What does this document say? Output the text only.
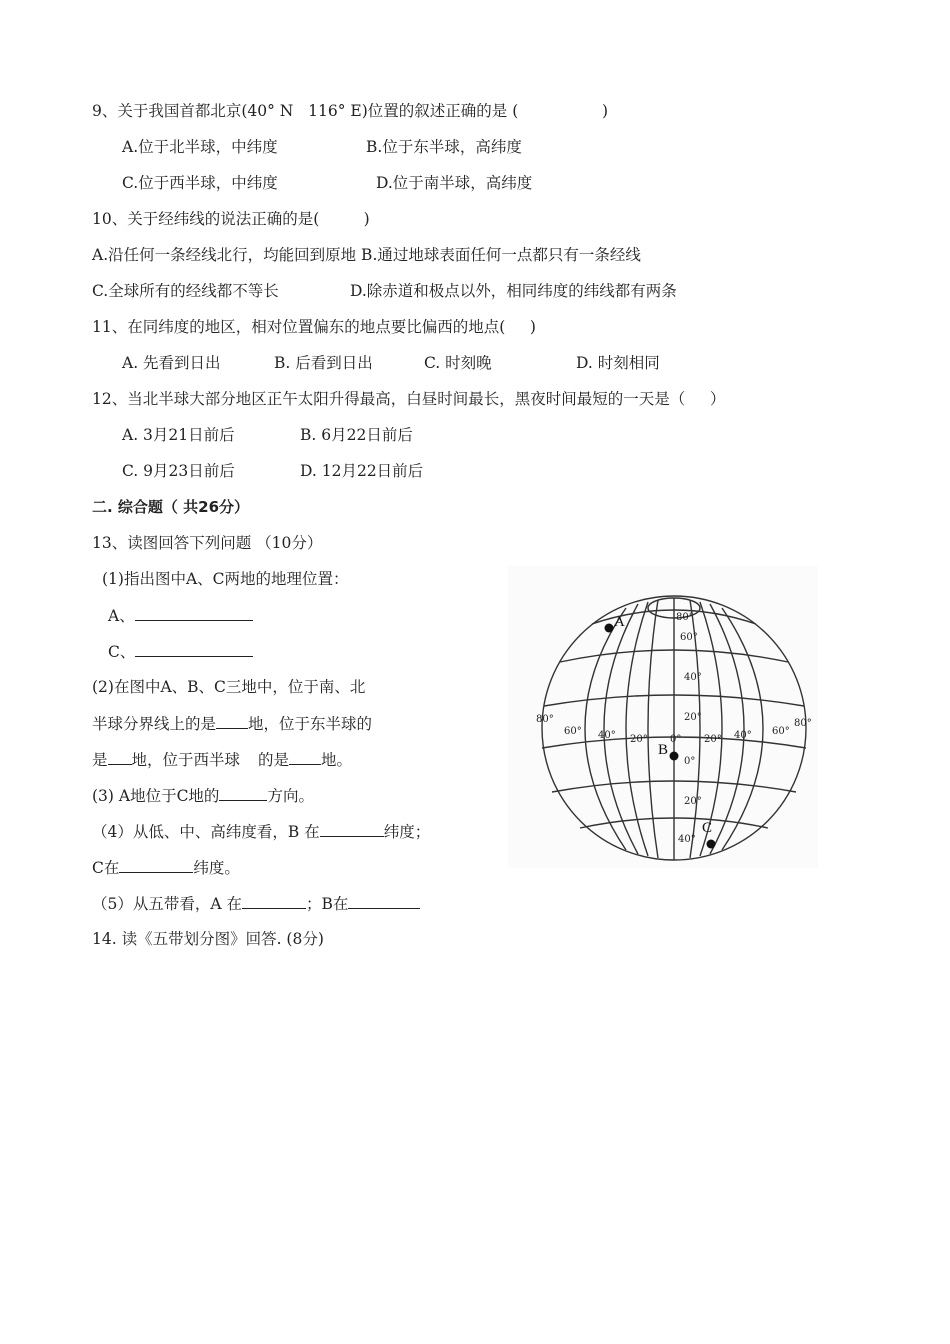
9、关于我国首都北京(40° N   116° E)位置的叙述正确的是 (                 )
A.位于北半球，中纬度	B.位于东半球，高纬度
C.位于西半球，中纬度	D.位于南半球，高纬度
10、关于经纬线的说法正确的是(         )
A.沿任何一条经线北行，均能回到原地 B.通过地球表面任何一点都只有一条经线
C.全球所有的经线都不等长	D.除赤道和极点以外，相同纬度的纬线都有两条
11、在同纬度的地区，相对位置偏东的地点要比偏西的地点(     )
A. 先看到日出	B. 后看到日出	C. 时刻晚	D. 时刻相同
12、当北半球大部分地区正午太阳升得最高，白昼时间最长，黑夜时间最短的一天是（     ）
A. 3月21日前后	B. 6月22日前后
C. 9月23日前后	D. 12月22日前后
二. 综合题（ 共26分）
13、读图回答下列问题 （10分）
(1)指出图中A、C两地的地理位置：
A、
C、
(2)在图中A、B、C三地中，位于南、北
半球分界线上的是 地，位于东半球的
是 地，位于西半球 的是 地。
(3) A地位于C地的	方向。
（4）从低、中、高纬度看，B 在	纬度；
C在	纬度。
（5）从五带看，A 在	；B在
14. 读《五带划分图》回答. (8分)
80°
60°
40°
20°
0°
20°
40°
80°
60° 40° 20° 0° 20° 40° 60°
80°
A
B
C
